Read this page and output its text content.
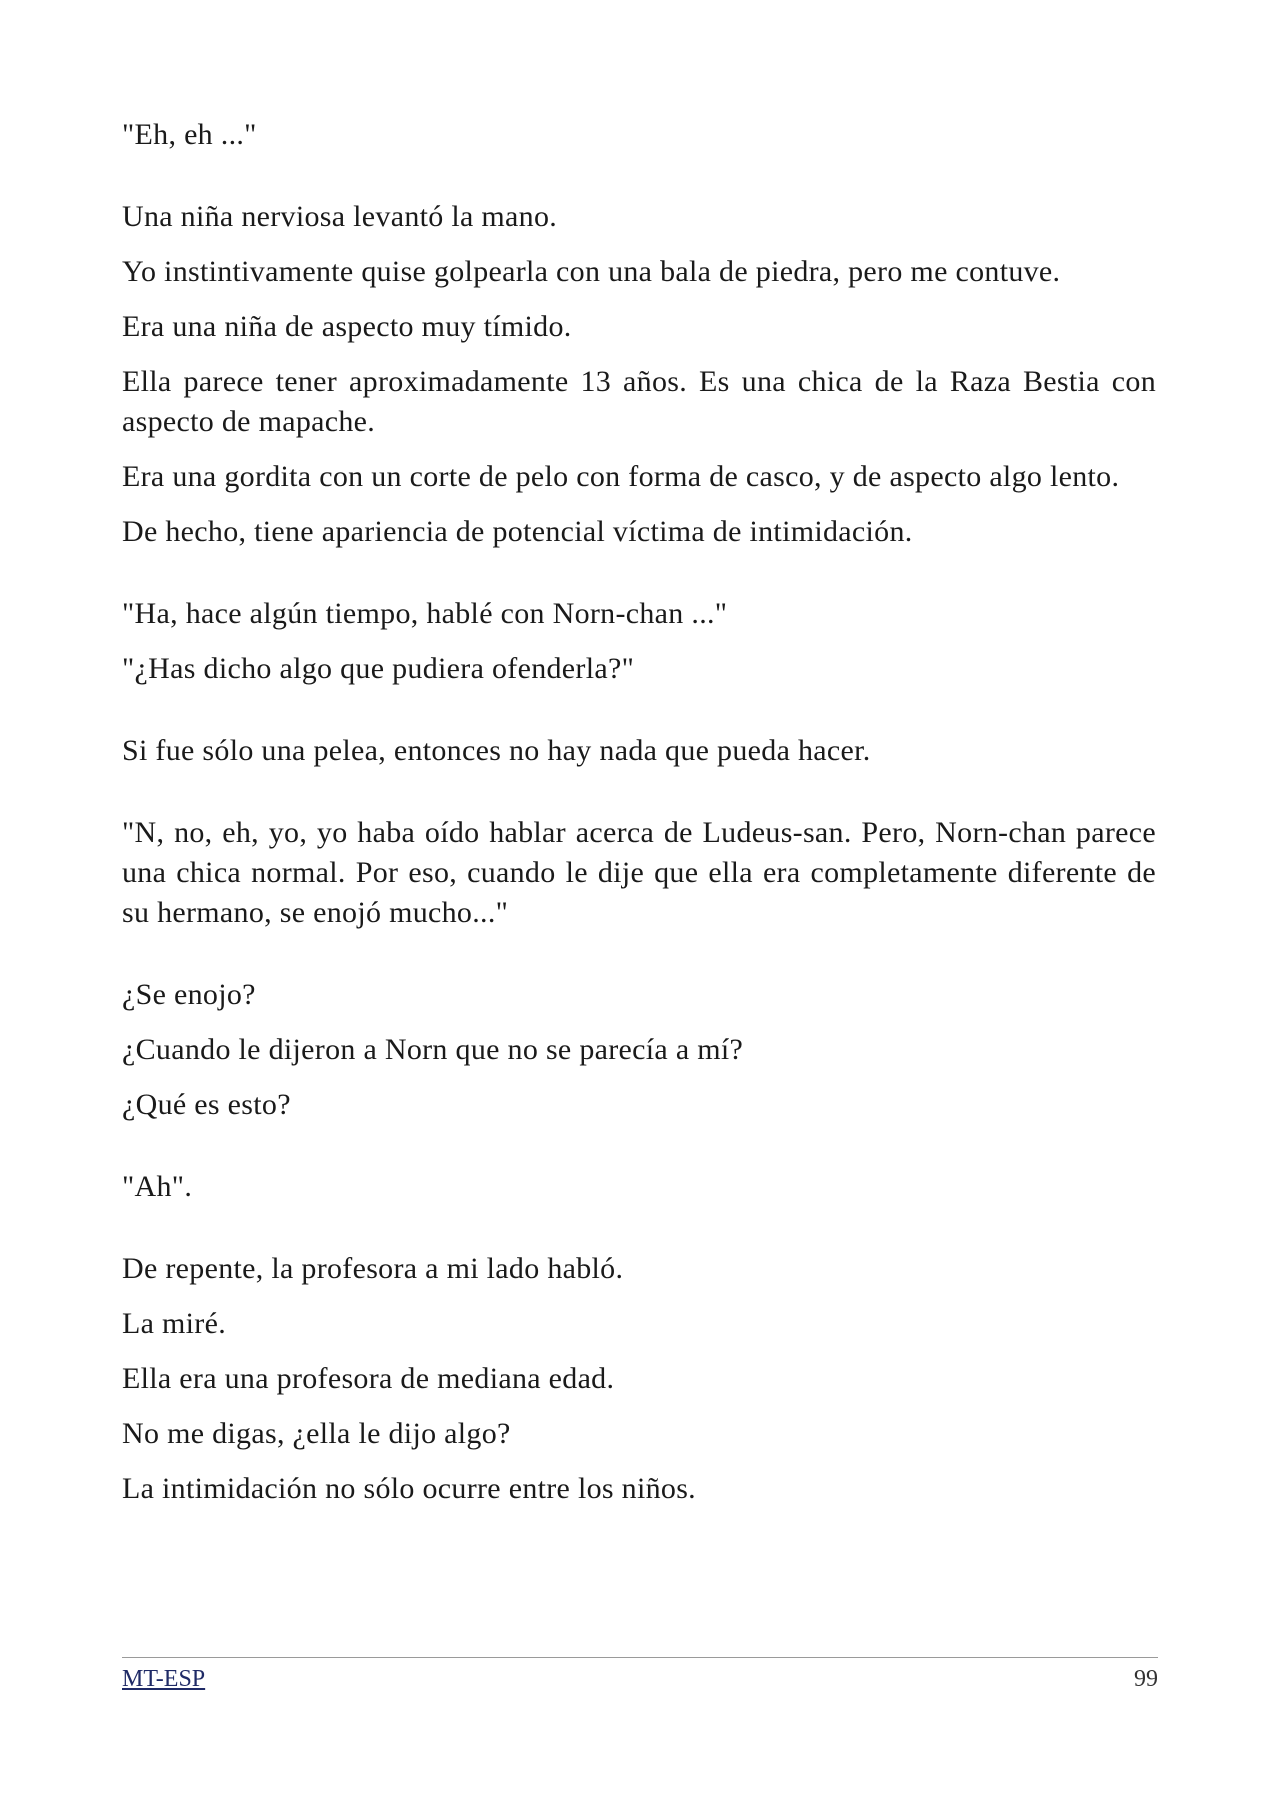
"Eh, eh ..."

Una niña nerviosa levantó la mano.

Yo instintivamente quise golpearla con una bala de piedra, pero me contuve.

Era una niña de aspecto muy tímido.

Ella parece tener aproximadamente 13 años. Es una chica de la Raza Bestia con aspecto de mapache.

Era una gordita con un corte de pelo con forma de casco, y de aspecto algo lento.

De hecho, tiene apariencia de potencial víctima de intimidación.

"Ha, hace algún tiempo, hablé con Norn-chan ..."

"¿Has dicho algo que pudiera ofenderla?"

Si fue sólo una pelea, entonces no hay nada que pueda hacer.

"N, no, eh, yo, yo haba oído hablar acerca de Ludeus-san. Pero, Norn-chan parece una chica normal. Por eso, cuando le dije que ella era completamente diferente de su hermano, se enojó mucho..."

¿Se enojo?

¿Cuando le dijeron a Norn que no se parecía a mí?

¿Qué es esto?

"Ah".

De repente, la profesora a mi lado habló.

La miré.

Ella era una profesora de mediana edad.

No me digas, ¿ella le dijo algo?

La intimidación no sólo ocurre entre los niños.

MT-ESP	99
